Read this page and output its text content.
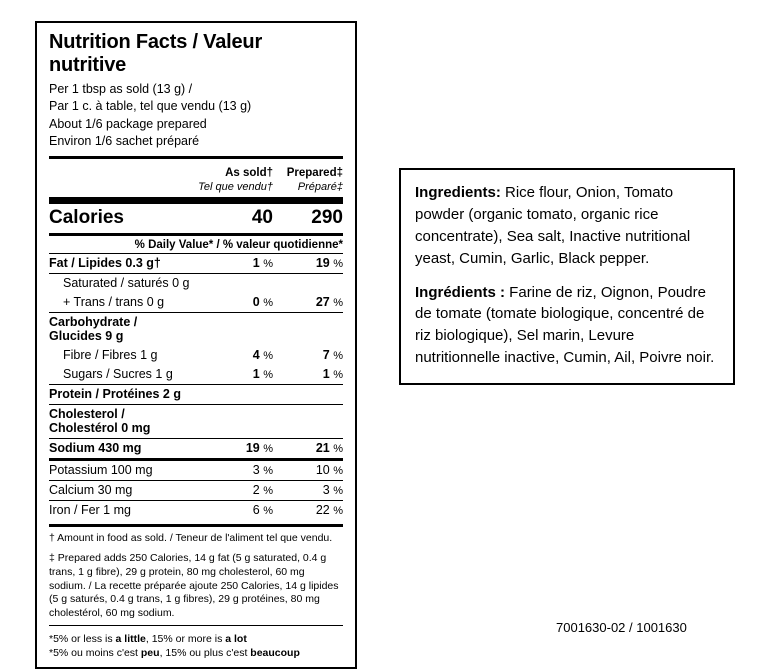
Nutrition Facts / Valeur nutritive
Per 1 tbsp as sold (13 g) /
Par 1 c. à table, tel que vendu (13 g)
About 1/6 package prepared
Environ 1/6 sachet préparé
As sold†
Tel que vendu†
Prepared‡
Préparé‡
Calories	40	290
% Daily Value* / % valeur quotidienne*
Fat / Lipides 0.3 g†	1 %	19 %
Saturated / saturés 0 g
+ Trans / trans 0 g	0 %	27 %
Carbohydrate / Glucides 9 g
Fibre / Fibres 1 g	4 %	7 %
Sugars / Sucres 1 g	1 %	1 %
Protein / Protéines 2 g
Cholesterol / Cholestérol 0 mg
Sodium 430 mg	19 %	21 %
Potassium 100 mg	3 %	10 %
Calcium 30 mg	2 %	3 %
Iron / Fer 1 mg	6 %	22 %

† Amount in food as sold. / Teneur de l'aliment tel que vendu.

‡ Prepared adds 250 Calories, 14 g fat (5 g saturated, 0.4 g trans, 1 g fibre), 29 g protein, 80 mg cholesterol, 60 mg sodium. / La recette préparée ajoute 250 Calories, 14 g lipides (5 g saturés, 0.4 g trans, 1 g fibres), 29 g protéines, 80 mg cholestérol, 60 mg sodium.

*5% or less is a little, 15% or more is a lot

*5% ou moins c'est peu, 15% ou plus c'est beaucoup

Ingredients: Rice flour, Onion, Tomato powder (organic tomato, organic rice concentrate), Sea salt, Inactive nutritional yeast, Cumin, Garlic, Black pepper.
Ingrédients : Farine de riz, Oignon, Poudre de tomate (tomate biologique, concentré de riz biologique), Sel marin, Levure nutritionnelle inactive, Cumin, Ail, Poivre noir.
7001630-02 / 1001630
